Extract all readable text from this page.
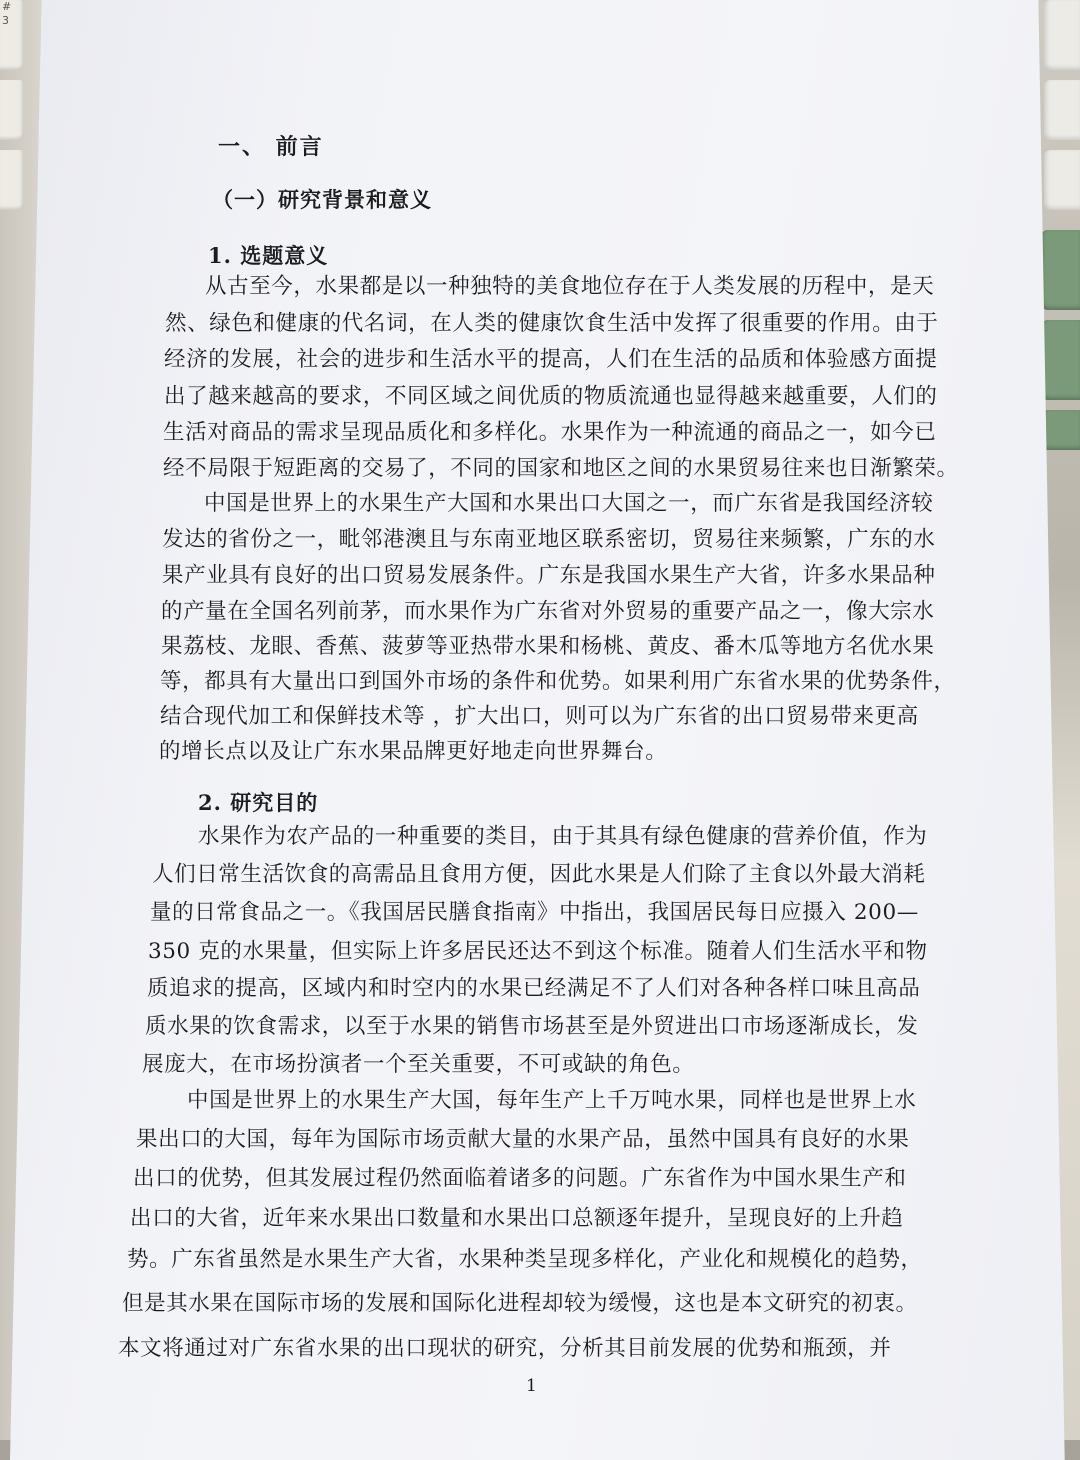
#
3
一、 前言
（一）研究背景和意义
1. 选题意义
从古至今，水果都是以一种独特的美食地位存在于人类发展的历程中，是天
然、绿色和健康的代名词，在人类的健康饮食生活中发挥了很重要的作用。由于
经济的发展，社会的进步和生活水平的提高，人们在生活的品质和体验感方面提
出了越来越高的要求，不同区域之间优质的物质流通也显得越来越重要，人们的
生活对商品的需求呈现品质化和多样化。水果作为一种流通的商品之一，如今已
经不局限于短距离的交易了，不同的国家和地区之间的水果贸易往来也日渐繁荣。
中国是世界上的水果生产大国和水果出口大国之一，而广东省是我国经济较
发达的省份之一，毗邻港澳且与东南亚地区联系密切，贸易往来频繁，广东的水
果产业具有良好的出口贸易发展条件。广东是我国水果生产大省，许多水果品种
的产量在全国名列前茅，而水果作为广东省对外贸易的重要产品之一，像大宗水
果荔枝、龙眼、香蕉、菠萝等亚热带水果和杨桃、黄皮、番木瓜等地方名优水果
等，都具有大量出口到国外市场的条件和优势。如果利用广东省水果的优势条件，
结合现代加工和保鲜技术等 ，扩大出口，则可以为广东省的出口贸易带来更高
的增长点以及让广东水果品牌更好地走向世界舞台。
2. 研究目的
水果作为农产品的一种重要的类目，由于其具有绿色健康的营养价值，作为
人们日常生活饮食的高需品且食用方便，因此水果是人们除了主食以外最大消耗
量的日常食品之一。《我国居民膳食指南》中指出，我国居民每日应摄入 200—
350 克的水果量，但实际上许多居民还达不到这个标准。随着人们生活水平和物
质追求的提高，区域内和时空内的水果已经满足不了人们对各种各样口味且高品
质水果的饮食需求，以至于水果的销售市场甚至是外贸进出口市场逐渐成长，发
展庞大，在市场扮演者一个至关重要，不可或缺的角色。
中国是世界上的水果生产大国，每年生产上千万吨水果，同样也是世界上水
果出口的大国，每年为国际市场贡献大量的水果产品，虽然中国具有良好的水果
出口的优势，但其发展过程仍然面临着诸多的问题。广东省作为中国水果生产和
出口的大省，近年来水果出口数量和水果出口总额逐年提升，呈现良好的上升趋
势。广东省虽然是水果生产大省，水果种类呈现多样化，产业化和规模化的趋势，
但是其水果在国际市场的发展和国际化进程却较为缓慢，这也是本文研究的初衷。
本文将通过对广东省水果的出口现状的研究，分析其目前发展的优势和瓶颈，并
1
